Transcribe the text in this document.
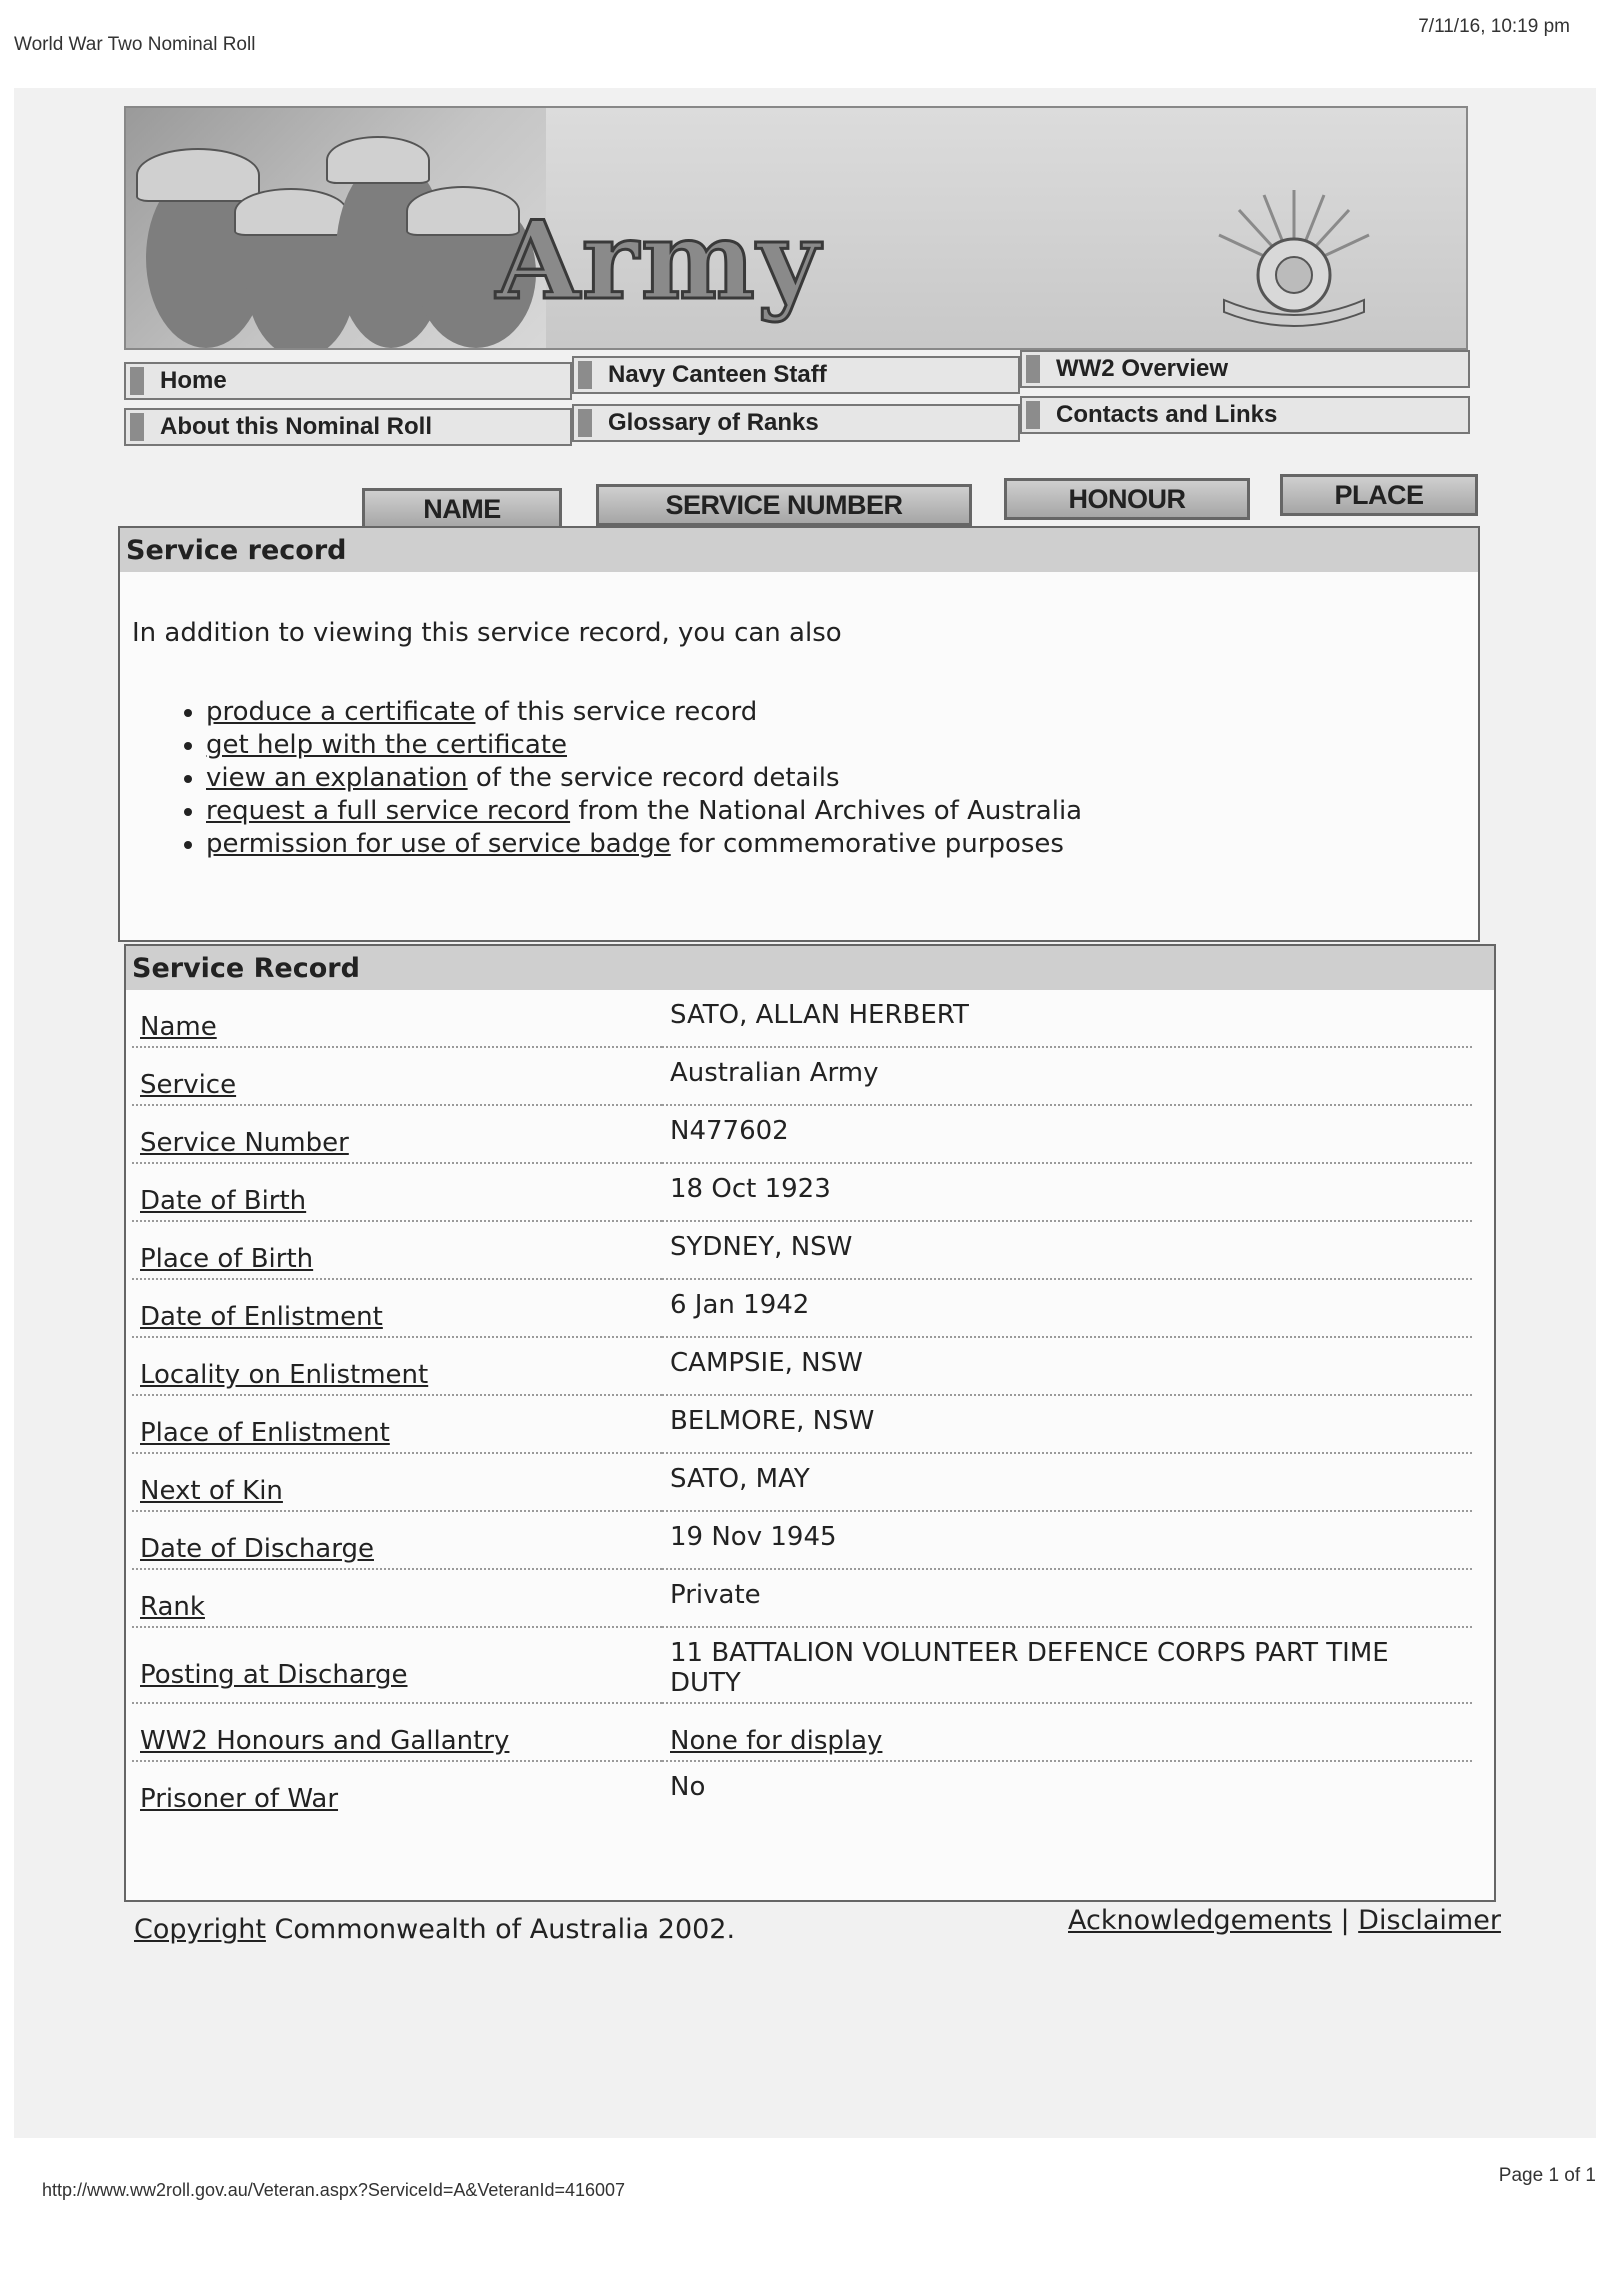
World War Two Nominal Roll
7/11/16, 10:19 pm
Army
Home
About this Nominal Roll
Navy Canteen Staff
Glossary of Ranks
WW2 Overview
Contacts and Links
NAME	SERVICE NUMBER	HONOUR	PLACE
Service record
In addition to viewing this service record, you can also
• produce a certificate of this service record
• get help with the certificate
• view an explanation of the service record details
• request a full service record from the National Archives of Australia
• permission for use of service badge for commemorative purposes
Service Record
Name	SATO, ALLAN HERBERT
Service	Australian Army
Service Number	N477602
Date of Birth	18 Oct 1923
Place of Birth	SYDNEY, NSW
Date of Enlistment	6 Jan 1942
Locality on Enlistment	CAMPSIE, NSW
Place of Enlistment	BELMORE, NSW
Next of Kin	SATO, MAY
Date of Discharge	19 Nov 1945
Rank	Private
Posting at Discharge	11 BATTALION VOLUNTEER DEFENCE CORPS PART TIME DUTY
WW2 Honours and Gallantry	None for display
Prisoner of War	No
Copyright Commonwealth of Australia 2002.	Acknowledgements | Disclaimer
http://www.ww2roll.gov.au/Veteran.aspx?ServiceId=A&VeteranId=416007
Page 1 of 1
